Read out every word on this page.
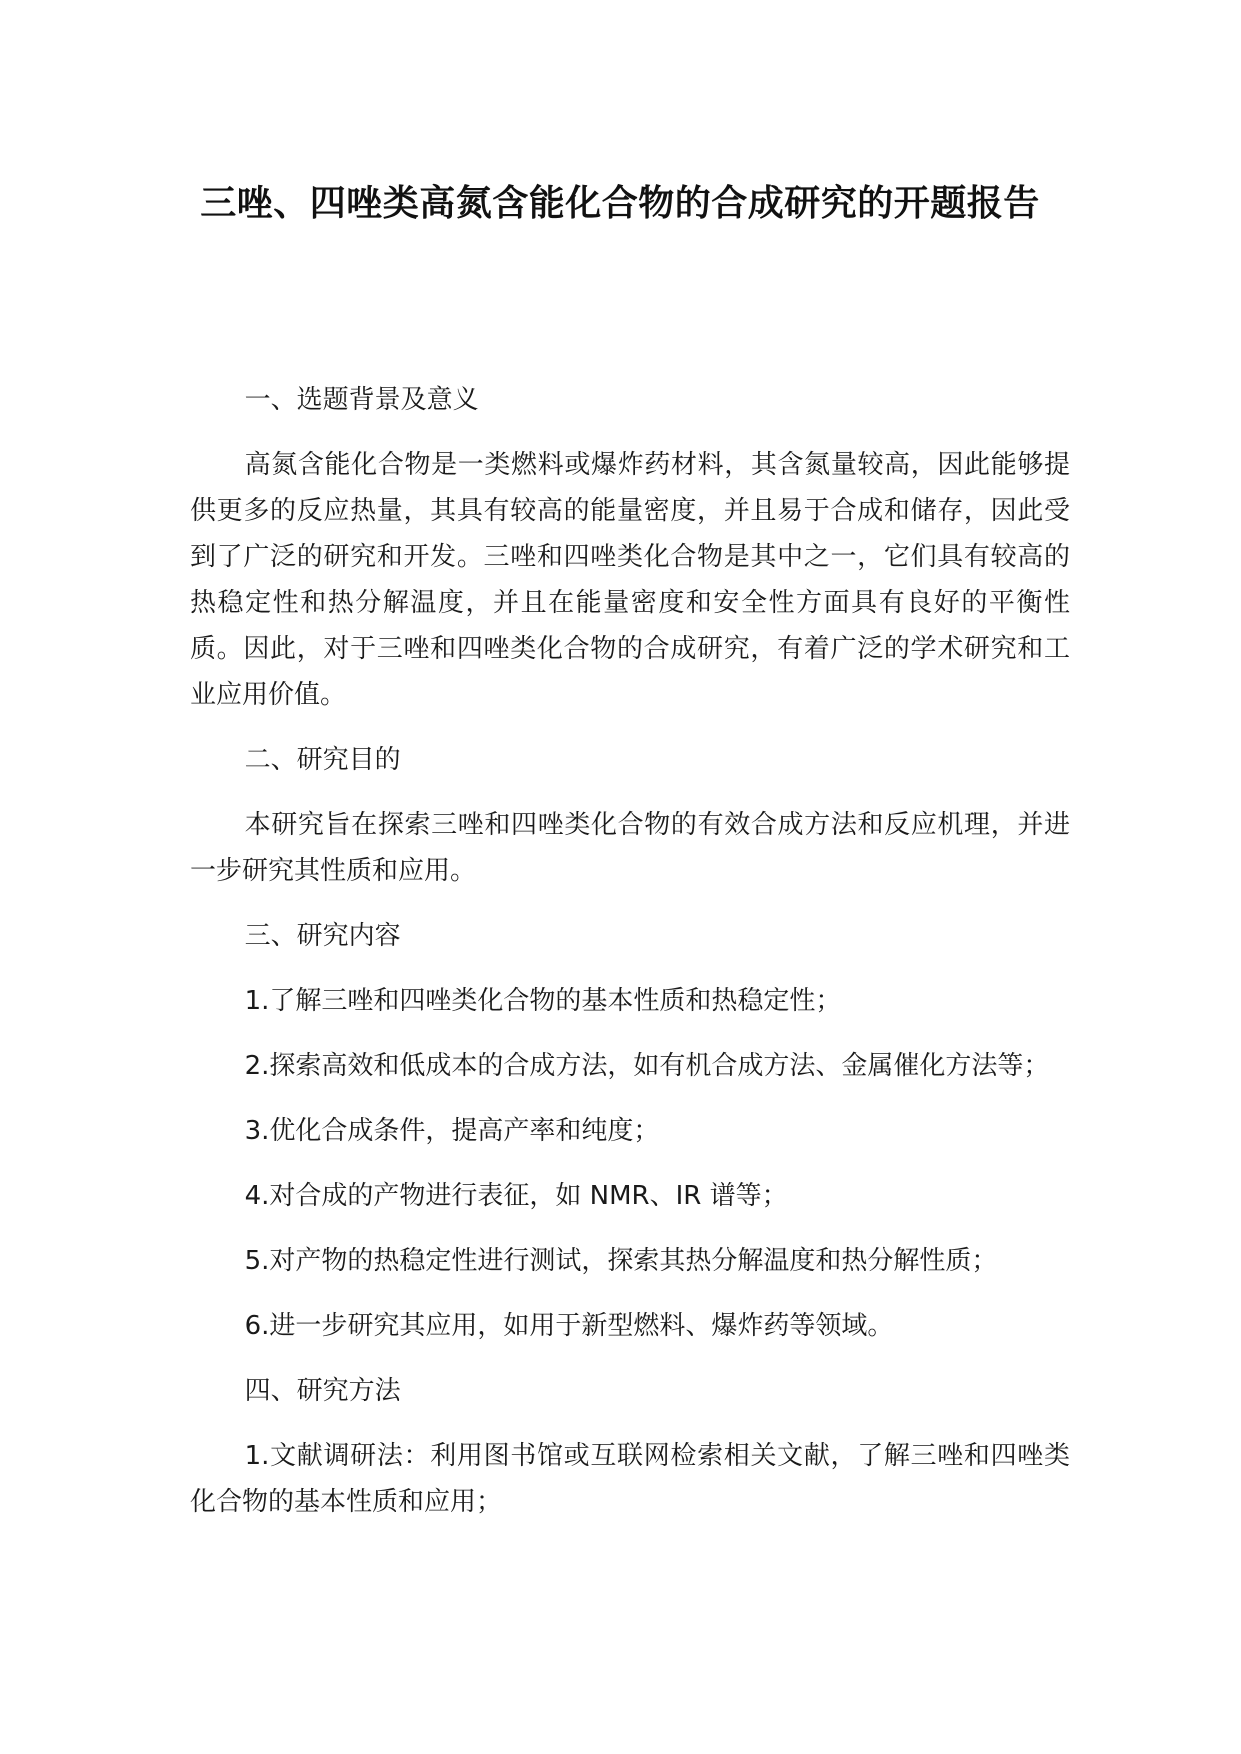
三唑、四唑类高氮含能化合物的合成研究的开题报告

一、选题背景及意义

高氮含能化合物是一类燃料或爆炸药材料，其含氮量较高，因此能够提供更多的反应热量，其具有较高的能量密度，并且易于合成和储存，因此受到了广泛的研究和开发。三唑和四唑类化合物是其中之一，它们具有较高的热稳定性和热分解温度，并且在能量密度和安全性方面具有良好的平衡性质。因此，对于三唑和四唑类化合物的合成研究，有着广泛的学术研究和工业应用价值。

二、研究目的

本研究旨在探索三唑和四唑类化合物的有效合成方法和反应机理，并进一步研究其性质和应用。

三、研究内容

1.了解三唑和四唑类化合物的基本性质和热稳定性；

2.探索高效和低成本的合成方法，如有机合成方法、金属催化方法等；

3.优化合成条件，提高产率和纯度；

4.对合成的产物进行表征，如 NMR、IR 谱等；

5.对产物的热稳定性进行测试，探索其热分解温度和热分解性质；

6.进一步研究其应用，如用于新型燃料、爆炸药等领域。

四、研究方法

1.文献调研法：利用图书馆或互联网检索相关文献，了解三唑和四唑类化合物的基本性质和应用；
